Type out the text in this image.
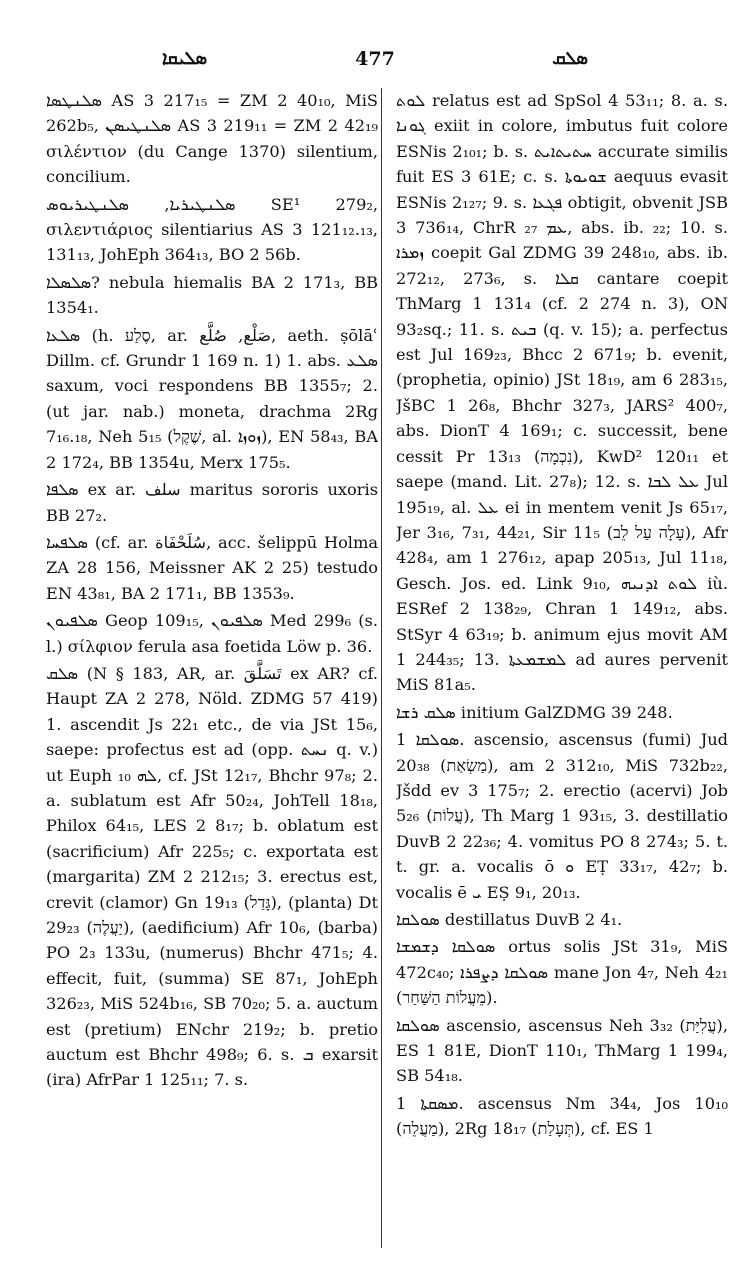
ܣܠܝܩܐ	477	ܣܠܩ

ܣܠܢܛܣܐ AS 3 217₁₅ = ZM 2 40₁₀, MiS 262b₅, ܣܠܢܛܝܣܢ AS 3 219₁₁ = ZM 2 42₁₉ σιλέντιον (du Cange 1370) silentium, concilium.

ܣܠܢܛܝܪܝܐ, ܣܠܢܛܝܪܝܘܣ SE¹ 279₂, σιλεντιάριος silentiarius AS 3 121₁₂.₁₃, 131₁₃, JohEph 364₁₃, BO 2 56b.

ܣܠܣܠܐ? nebula hiemalis BA 2 171₃, BB 1354₁.

ܣܠܥܐ (h. סֶלַע, ar. صَلْع, صُلَّع, aeth. ṣōlāʿ Dillm. cf. Grundr 1 169 n. 1) 1. abs. ܣܠܥ saxum, voci respondens BB 1355₇; 2. (ut jar. nab.) moneta, drachma 2Rg 7₁₆.₁₈, Neh 5₁₅ (שֶׁקֶל, al. ܙܘܙܐ), EN 58₄₃, BA 2 172₄, BB 1354u, Merx 175₅.

ܣܠܦܐ ex ar. سلف maritus sororis uxoris BB 27₂.

ܣܠܦܚܐ (cf. ar. سُلَحْفَاة, acc. šelippū Holma ZA 28 156, Meissner AK 2 25) testudo EN 43₈₁, BA 2 171₁, BB 1353₉.

ܣܠܦܝܘܢ Geop 109₁₅, ܣܠܦܝܘܢ Med 299₆ (s. l.) σίλφιον ferula asa foetida Löw p. 36.

ܣܠܩ (N § 183, AR, ar. تَسَلَّقَ ex AR? cf. Haupt ZA 2 278, Nöld. ZDMG 57 419) 1. ascendit Js 22₁ etc., de via JSt 15₆, saepe: profectus est ad (opp. ܢܚܬ q. v.) ut Euph ܠܗ ₁₀, cf. JSt 12₁₇, Bhchr 97₈; 2. a. sublatum est Afr 50₂₄, JohTell 18₁₈, Philox 64₁₅, LES 2 8₁₇; b. oblatum est (sacrificium) Afr 225₅; c. exportata est (margarita) ZM 2 212₁₅; 3. erectus est, crevit (clamor) Gn 19₁₃ (גָּדַל), (planta) Dt 29₂₃ (יַעֲלֶה), (aedificium) Afr 10₆, (barba) PO 2₃ 133u, (numerus) Bhchr 471₅; 4. effecit, fuit, (summa) SE 87₁, JohEph 326₂₃, MiS 524b₁₆, SB 70₂₀; 5. a. auctum est (pretium) ENchr 219₂; b. pretio auctum est Bhchr 498₉; 6. s. ܒ exarsit (ira) AfrPar 1 125₁₁; 7. s.

ܠܘܬ relatus est ad SpSol 4 53₁₁; 8. a. s. ܓܘܢܐ exiit in colore, imbutus fuit colore ESNis 2₁₀₁; b. s. ܚܬܝܬܐܝܬ accurate similis fuit ES 3 61E; c. s. ܫܘܝܘܬܐ aequus evasit ESNis 2₁₂₇; 9. s. ܦܓܥܐ obtigit, obvenit JSB 3 736₁₄, ChrR ܥܡ ₂₇, abs. ib. ₂₂; 10. s. ܙܡܪܐ coepit Gal ZDMG 39 248₁₀, abs. ib. 272₁₂, 273₆, s. ܩܠܐ cantare coepit ThMarg 1 131₄ (cf. 2 274 n. 3), ON 93₂sq.; 11. s. ܒܝܬ (q. v. 15); a. perfectus est Jul 169₂₃, Bhcc 2 671₉; b. evenit, (prophetia, opinio) JSt 18₁₉, am 6 283₁₅, JšBC 1 26₈, Bhchr 327₃, JARS² 400₇, abs. DionT 4 169₁; c. successit, bene cessit Pr 13₁₃ (נִכְמָה), KwD² 120₁₁ et saepe (mand. Lit. 27₈); 12. s. ܥܠ ܠܒܐ Jul 195₁₉, al. ܥܠ ei in mentem venit Js 65₁₇, Jer 3₁₆, 7₃₁, 44₂₁, Sir 11₅ (עָלָה עַל לֵב), Afr 428₄, am 1 276₁₂, apap 205₁₃, Jul 11₁₈, Gesch. Jos. ed. Link 9₁₀, ܠܘܬ ܐܕܢܝܗ iù. ESRef 2 138₂₉, Chran 1 149₁₂, abs. StSyr 4 63₁₉; b. animum ejus movit AM 1 244₃₅; 13. ܠܡܫܡܥܬܐ ad aures pervenit MiS 81a₅.

ܣܠܩ ܪܫܐ initium GalZDMG 39 248.

ܣܘܠܩܐ 1. ascensio, ascensus (fumi) Jud 20₃₈ (מַשְׂאַת), am 2 312₁₀, MiS 732b₂₂, Jšdd ev 3 175₇; 2. erectio (acervi) Job 5₂₆ (עֲלוֹת), Th Marg 1 93₁₅, 3. destillatio DuvB 2 22₃₆; 4. vomitus PO 8 274₃; 5. t. t. gr. a. vocalis ō ܘ EṬ 33₁₇, 42₇; b. vocalis ē ܝ EṢ 9₁, 20₁₃.

ܣܘܠܩܐ destillatus DuvB 2 4₁.

ܣܘܠܩܐ ܕܫܡܫܐ ortus solis JSt 31₉, MiS 472c₄₀; ܣܘܠܩܐ ܕܨܦܪܐ mane Jon 4₇, Neh 4₂₁ (מֵעֲלוֹת הַשַּׁחַר).

ܣܘܠܩܐ ascensio, ascensus Neh 3₃₂ (עֲלִיַּת), ES 1 81E, DionT 110₁, ThMarg 1 199₄, SB 54₁₈.

ܡܣܩܬܐ 1. ascensus Nm 34₄, Jos 10₁₀ (מַעֲלֵה), 2Rg 18₁₇ (תְּעָלַת), cf. ES 1
